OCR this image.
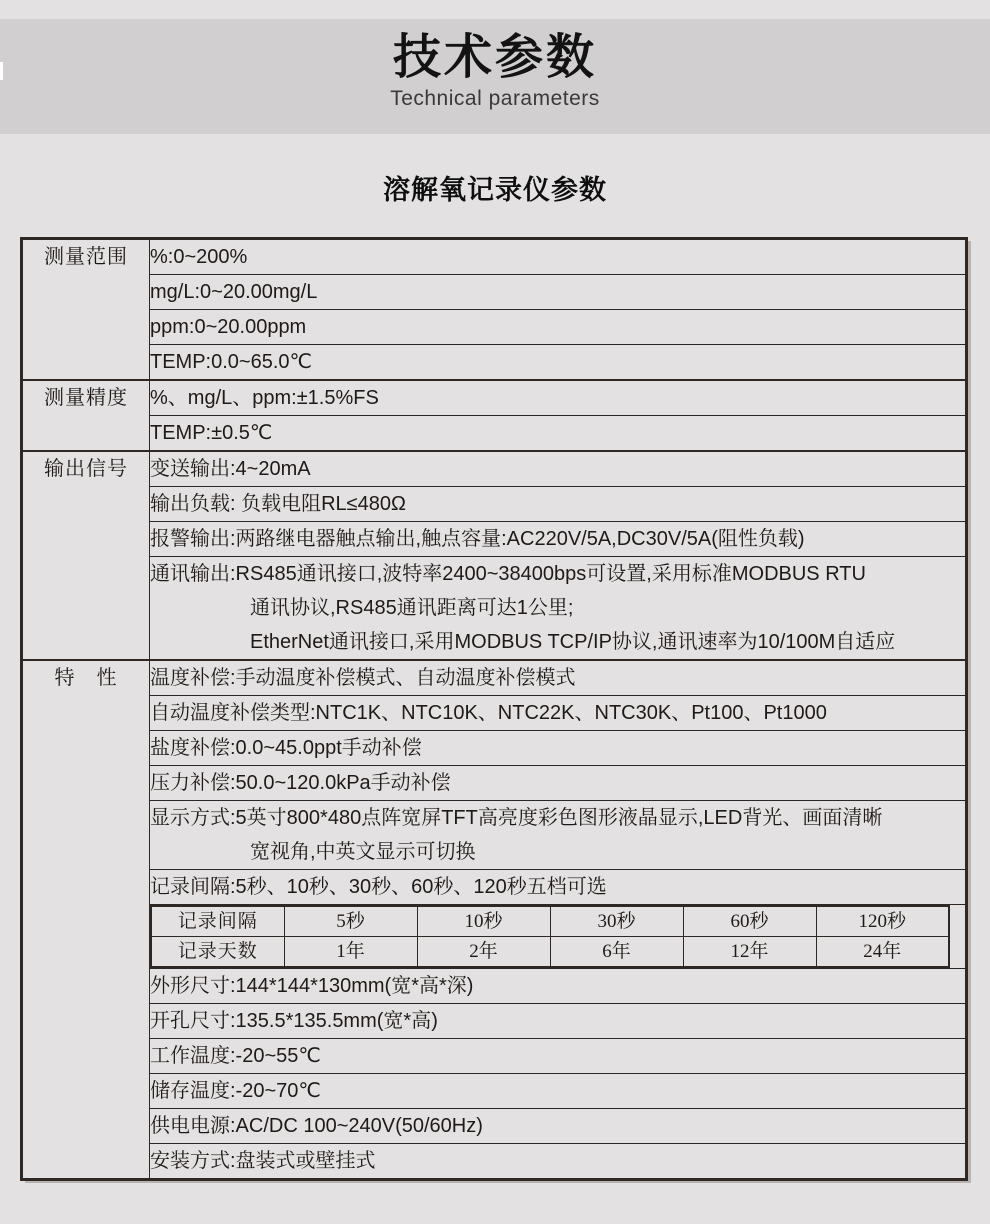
技术参数
Technical parameters
溶解氧记录仪参数
测量范围	%:0~200%

mg/L:0~20.00mg/L

ppm:0~20.00ppm

TEMP:0.0~65.0℃

测量精度	%、mg/L、ppm:±1.5%FS

TEMP:±0.5℃

输出信号	变送输出:4~20mA

输出负载: 负载电阻RL≤480Ω

报警输出:两路继电器触点输出,触点容量:AC220V/5A,DC30V/5A(阻性负载)

通讯输出:RS485通讯接口,波特率2400~38400bps可设置,采用标准MODBUS RTU
通讯协议,RS485通讯距离可达1公里;
EtherNet通讯接口,采用MODBUS TCP/IP协议,通讯速率为10/100M自适应

特　性	温度补偿:手动温度补偿模式、自动温度补偿模式

自动温度补偿类型:NTC1K、NTC10K、NTC22K、NTC30K、Pt100、Pt1000

盐度补偿:0.0~45.0ppt手动补偿

压力补偿:50.0~120.0kPa手动补偿

显示方式:5英寸800*480点阵宽屏TFT高亮度彩色图形液晶显示,LED背光、画面清晰
宽视角,中英文显示可切换

记录间隔:5秒、10秒、30秒、60秒、120秒五档可选

记录间隔	5秒	10秒	30秒	60秒	120秒
记录天数	1年	2年	6年	12年	24年

外形尺寸:144*144*130mm(宽*高*深)

开孔尺寸:135.5*135.5mm(宽*高)

工作温度:-20~55℃

储存温度:-20~70℃

供电电源:AC/DC 100~240V(50/60Hz)

安装方式:盘装式或壁挂式
